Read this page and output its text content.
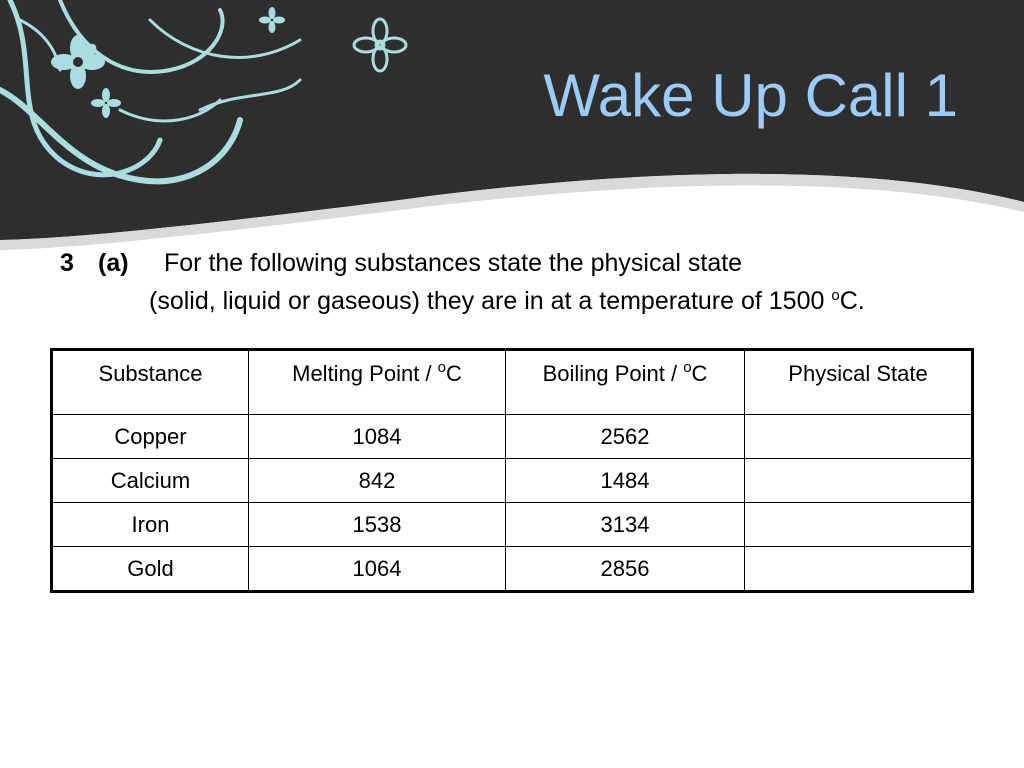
Wake Up Call 1
3 (a) For the following substances state the physical state
(solid, liquid or gaseous) they are in at a temperature of 1500 $^o$C.
Substance	Melting Point / $^o$C	Boiling Point / $^o$C	Physical State
Copper	1084	2562	
Calcium	842	1484	
Iron	1538	3134	
Gold	1064	2856	
